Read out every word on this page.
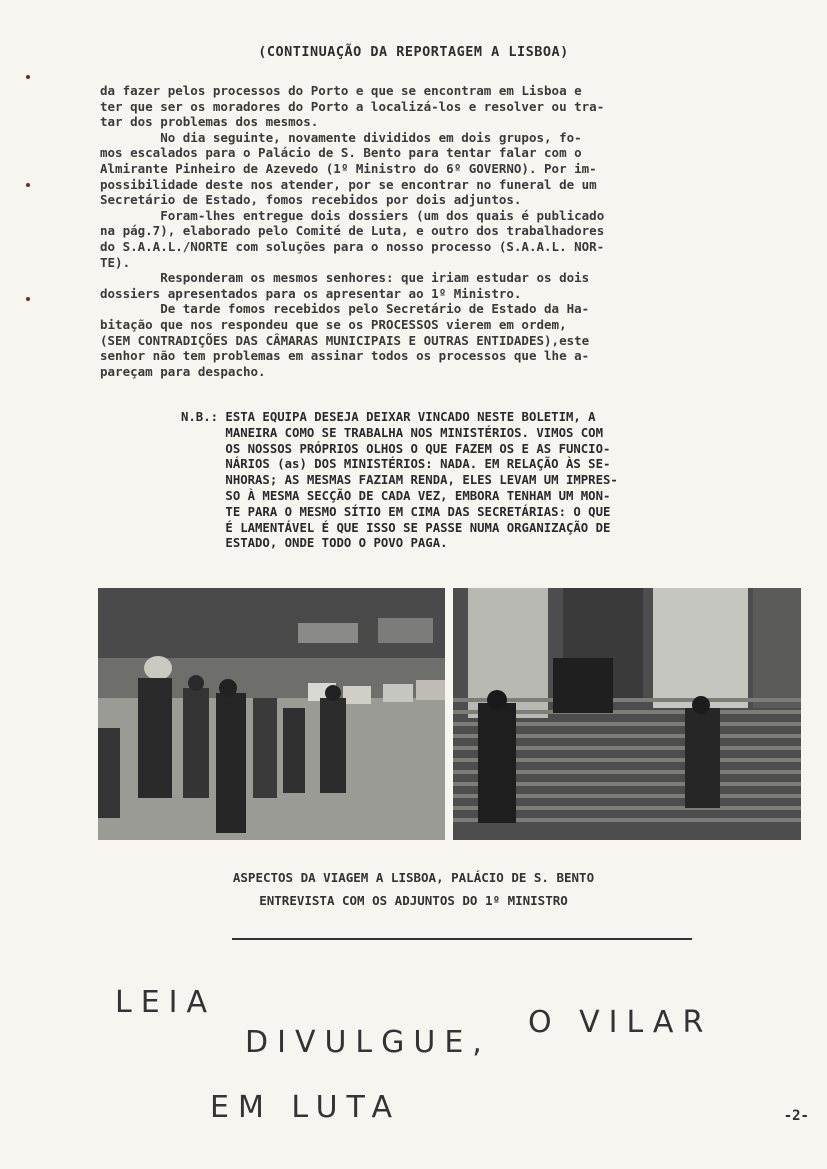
(CONTINUAÇÃO DA REPORTAGEM A LISBOA)

da fazer pelos processos do Porto e que se encontram em Lisboa e

ter que ser os moradores do Porto a localizá-los e resolver ou tra-

tar dos problemas dos mesmos.

No dia seguinte, novamente divididos em dois grupos, fo-

mos escalados para o Palácio de S. Bento para tentar falar com o

Almirante Pinheiro de Azevedo (1º Ministro do 6º GOVERNO). Por im-

possibilidade deste nos atender, por se encontrar no funeral de um

Secretário de Estado, fomos recebidos por dois adjuntos.

Foram-lhes entregue dois dossiers (um dos quais é publicado

na pág.7), elaborado pelo Comité de Luta, e outro dos trabalhadores

do S.A.A.L./NORTE com soluções para o nosso processo (S.A.A.L. NOR-

TE).

Responderam os mesmos senhores: que iriam estudar os dois

dossiers apresentados para os apresentar ao 1º Ministro.

De tarde fomos recebidos pelo Secretário de Estado da Ha-

bitação que nos respondeu que se os PROCESSOS vierem em ordem,

(SEM CONTRADIÇÕES DAS CÂMARAS MUNICIPAIS E OUTRAS ENTIDADES),este

senhor não tem problemas em assinar todos os processos que lhe a-

pareçam para despacho.

N.B.: ESTA EQUIPA DESEJA DEIXAR VINCADO NESTE BOLETIM, A

MANEIRA COMO SE TRABALHA NOS MINISTÉRIOS. VIMOS COM

OS NOSSOS PRÓPRIOS OLHOS O QUE FAZEM OS E AS FUNCIO-

NÁRIOS (as) DOS MINISTÉRIOS: NADA. EM RELAÇÃO ÀS SE-

NHORAS; AS MESMAS FAZIAM RENDA, ELES LEVAM UM IMPRES-

SO À MESMA SECÇÃO DE CADA VEZ, EMBORA TENHAM UM MON-

TE PARA O MESMO SÍTIO EM CIMA DAS SECRETÁRIAS: O QUE

É LAMENTÁVEL É QUE ISSO SE PASSE NUMA ORGANIZAÇÃO DE

ESTADO, ONDE TODO O POVO PAGA.

ASPECTOS DA VIAGEM A LISBOA, PALÁCIO DE S. BENTO
ENTREVISTA COM OS ADJUNTOS DO 1º MINISTRO
LEIA
DIVULGUE,
O VILAR
EM LUTA	-2-
